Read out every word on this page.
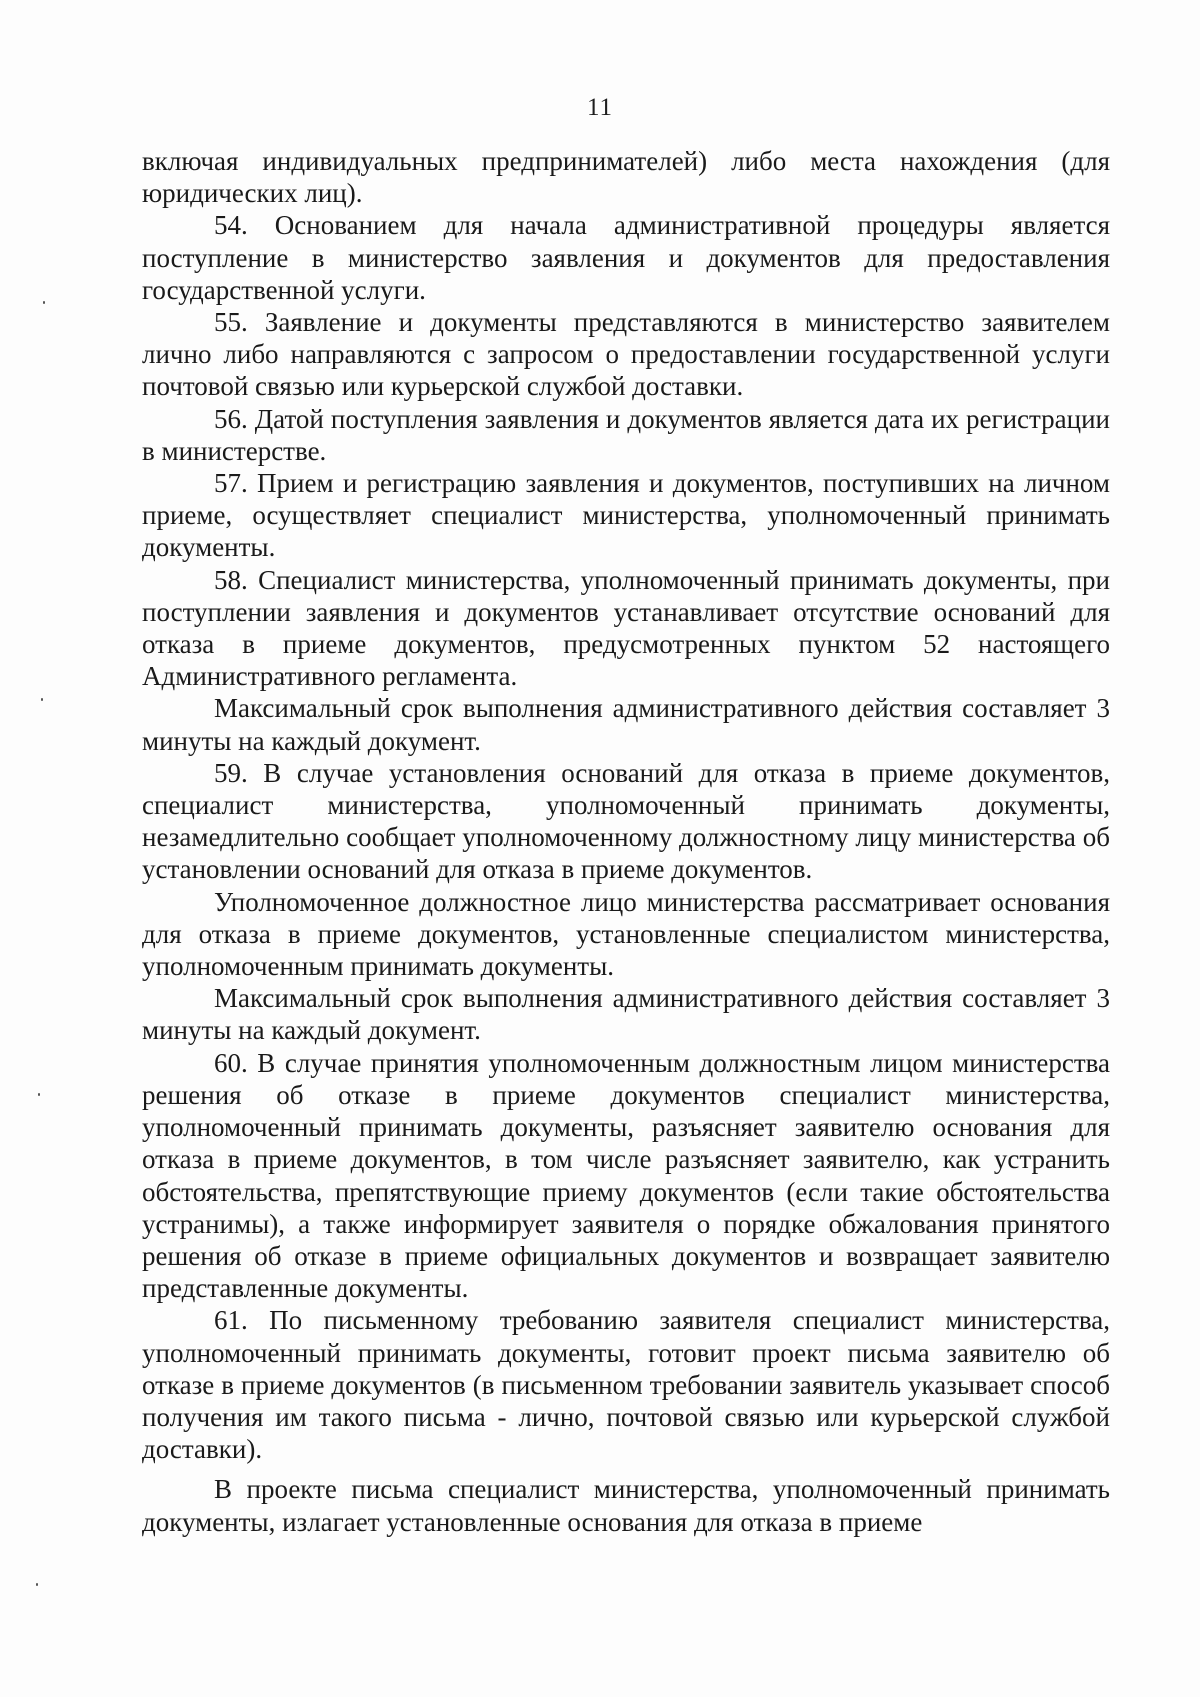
11

включая индивидуальных предпринимателей) либо места нахождения (для юридических лиц).

54. Основанием для начала административной процедуры является поступление в министерство заявления и документов для предоставления государственной услуги.

55. Заявление и документы представляются в министерство заявителем лично либо направляются с запросом о предоставлении государственной услуги почтовой связью или курьерской службой доставки.

56. Датой поступления заявления и документов является дата их регистрации в министерстве.

57. Прием и регистрацию заявления и документов, поступивших на личном приеме, осуществляет специалист министерства, уполномоченный принимать документы.

58. Специалист министерства, уполномоченный принимать документы, при поступлении заявления и документов устанавливает отсутствие оснований для отказа в приеме документов, предусмотренных пунктом 52 настоящего Административного регламента.

Максимальный срок выполнения административного действия составляет 3 минуты на каждый документ.

59. В случае установления оснований для отказа в приеме документов, специалист министерства, уполномоченный принимать документы, незамедлительно сообщает уполномоченному должностному лицу министерства об установлении оснований для отказа в приеме документов.

Уполномоченное должностное лицо министерства рассматривает основания для отказа в приеме документов, установленные специалистом министерства, уполномоченным принимать документы.

Максимальный срок выполнения административного действия составляет 3 минуты на каждый документ.

60. В случае принятия уполномоченным должностным лицом министерства решения об отказе в приеме документов специалист министерства, уполномоченный принимать документы, разъясняет заявителю основания для отказа в приеме документов, в том числе разъясняет заявителю, как устранить обстоятельства, препятствующие приему документов (если такие обстоятельства устранимы), а также информирует заявителя о порядке обжалования принятого решения об отказе в приеме официальных документов и возвращает заявителю представленные документы.

61. По письменному требованию заявителя специалист министерства, уполномоченный принимать документы, готовит проект письма заявителю об отказе в приеме документов (в письменном требовании заявитель указывает способ получения им такого письма - лично, почтовой связью или курьерской службой доставки).

В проекте письма специалист министерства, уполномоченный принимать документы, излагает установленные основания для отказа в приеме
